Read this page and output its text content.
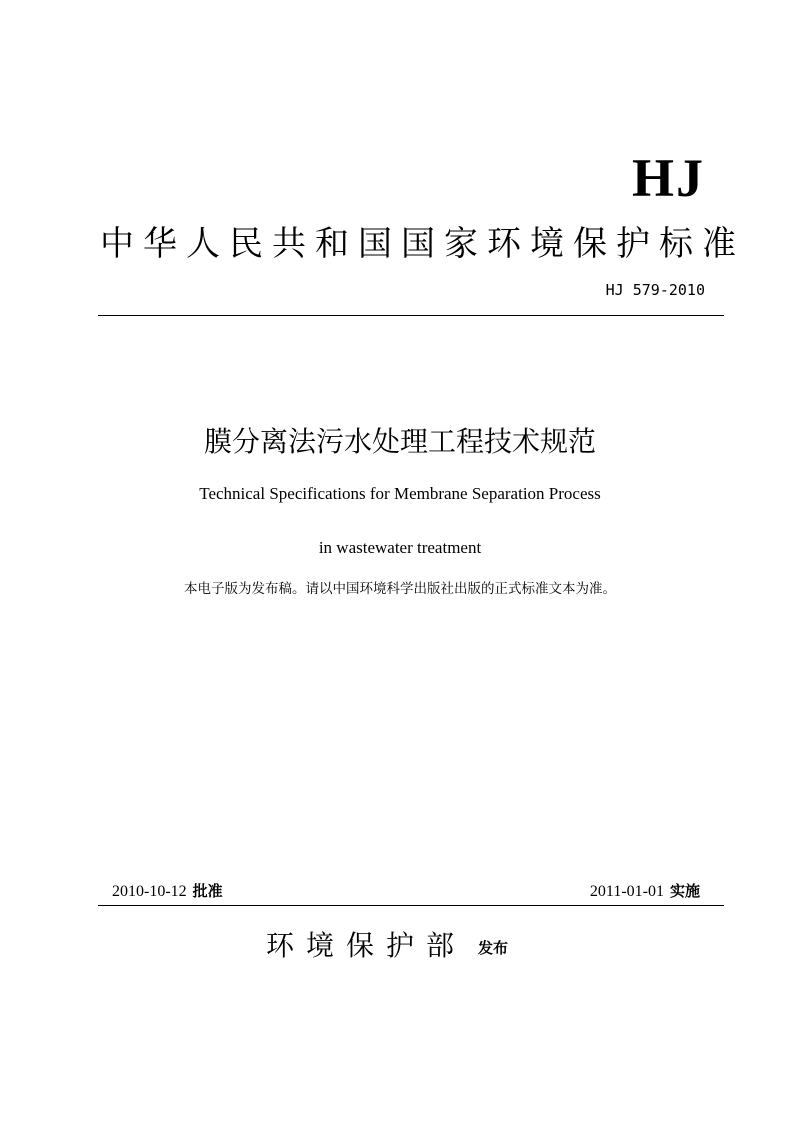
HJ
中华人民共和国国家环境保护标准
HJ 579-2010
膜分离法污水处理工程技术规范
Technical Specifications for Membrane Separation Process
in wastewater treatment
本电子版为发布稿。请以中国环境科学出版社出版的正式标准文本为准。
2010-10-12 批准	2011-01-01 实施
环境保护部 发布
